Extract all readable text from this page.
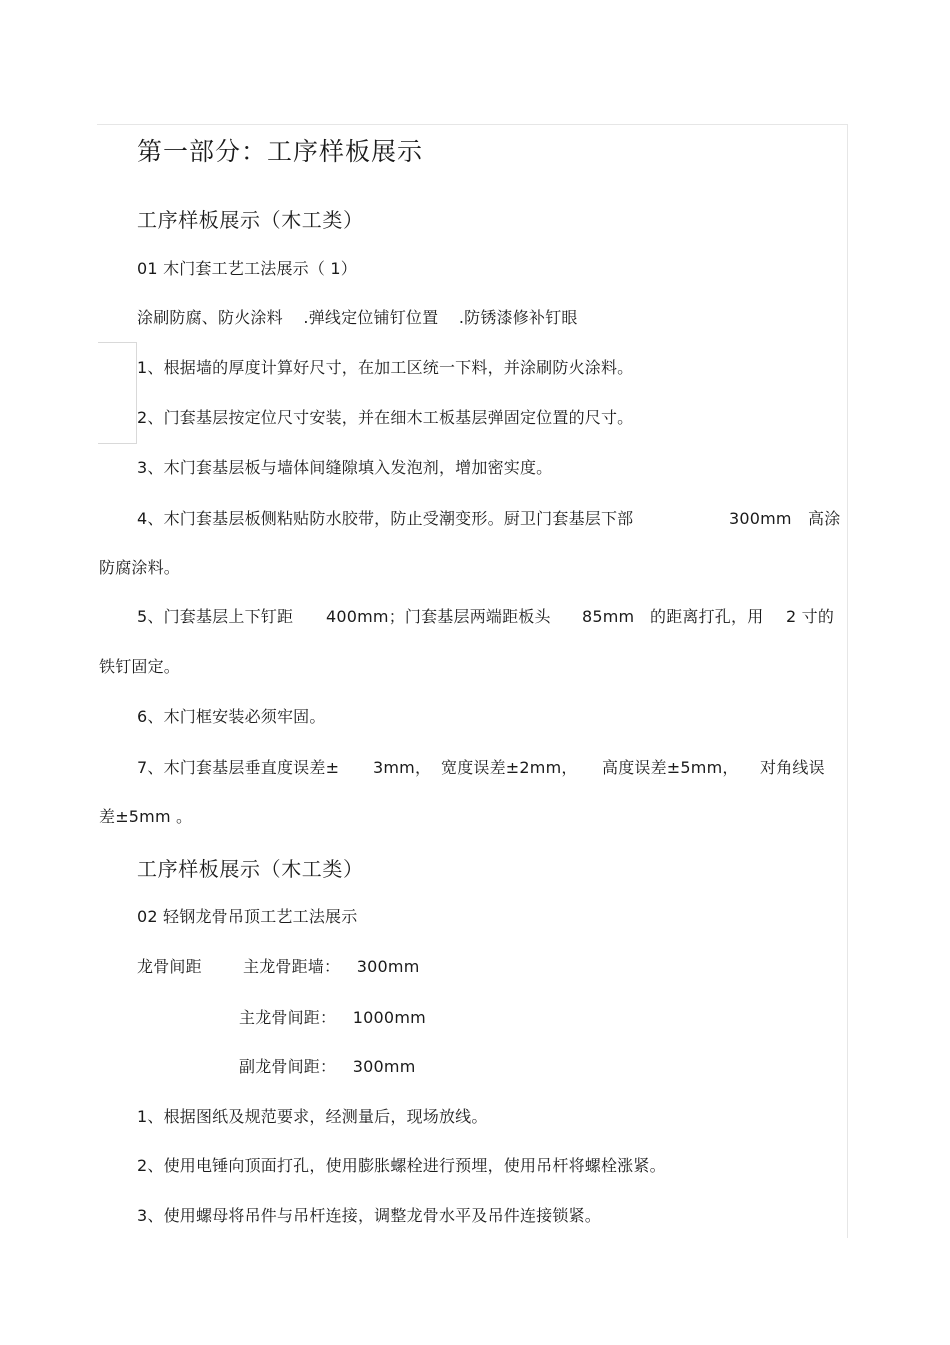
第一部分：工序样板展示
工序样板展示（木工类）
01 木门套工艺工法展示（ 1）
涂刷防腐、防火涂料 .弹线定位铺钉位置 .防锈漆修补钉眼
1、根据墙的厚度计算好尺寸，在加工区统一下料，并涂刷防火涂料。
2、门套基层按定位尺寸安装，并在细木工板基层弹固定位置的尺寸。
3、木门套基层板与墙体间缝隙填入发泡剂，增加密实度。
4、木门套基层板侧粘贴防水胶带，防止受潮变形。厨卫门套基层下部	300mm 高涂
防腐涂料。
5、门套基层上下钉距 400mm；门套基层两端距板头 85mm 的距离打孔，用 2 寸的
铁钉固定。
6、木门框安装必须牢固。
7、木门套基层垂直度误差± 3mm， 宽度误差±2mm， 高度误差±5mm， 对角线误
差±5mm 。
工序样板展示（木工类）
02 轻钢龙骨吊顶工艺工法展示
龙骨间距	主龙骨距墙： 300mm
主龙骨间距： 1000mm
副龙骨间距： 300mm
1、根据图纸及规范要求，经测量后，现场放线。
2、使用电锤向顶面打孔，使用膨胀螺栓进行预埋，使用吊杆将螺栓涨紧。
3、使用螺母将吊件与吊杆连接，调整龙骨水平及吊件连接锁紧。
